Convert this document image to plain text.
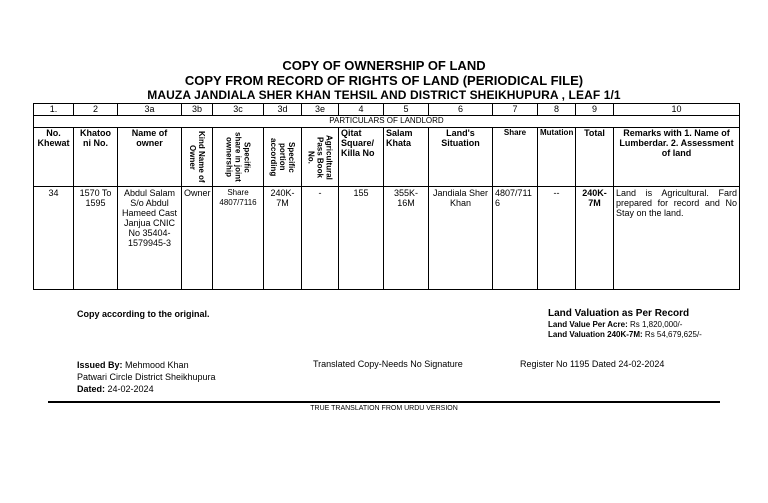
COPY OF OWNERSHIP OF LAND
COPY FROM RECORD OF RIGHTS OF LAND (PERIODICAL FILE)
MAUZA JANDIALA SHER KHAN TEHSIL AND DISTRICT SHEIKHUPURA , LEAF 1/1
1.	2	3a	3b	3c	3d	3e	4	5	6	7	8	9	10
PARTICULARS OF LANDLORD													
No. Khewat	Khatoo ni No.	Name of owner	Kind Name of Owner	Specific share in joint ownership	Specific portion according	Agricultural Pass Book No.	Qitat Square/ Killa No	Salam Khata	Land's Situation	Share	Mutation	Total	Remarks with 1. Name of Lumberdar. 2. Assessment of land
34	1570 To 1595	Abdul Salam S/o Abdul Hameed Cast Janjua CNIC No 35404-1579945-3	Owner	Share 4807/7116	240K-7M	-	155	355K-16M	Jandiala Sher Khan	4807/7116	--	240K-7M	Land is Agricultural. Fard prepared for record and No Stay on the land.
Copy according to the original.	Land Valuation as Per Record
Land Value Per Acre: Rs 1,820,000/-
Land Valuation 240K-7M: Rs 54,679,625/-
Issued By: Mehmood Khan
Patwari Circle District Sheikhupura
Dated: 24-02-2024
Translated Copy-Needs No Signature	Register No 1195 Dated 24-02-2024
TRUE TRANSLATION FROM URDU VERSION
